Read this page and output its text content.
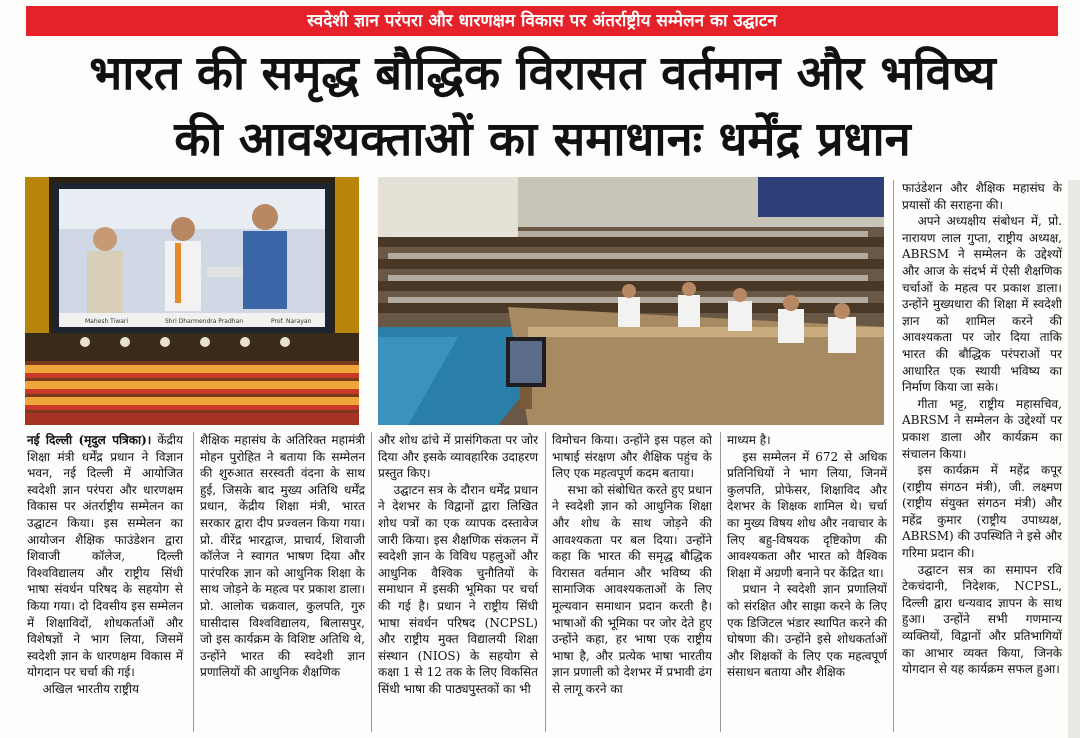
स्वदेशी ज्ञान परंपरा और धारणक्षम विकास पर अंतर्राष्ट्रीय सम्मेलन का उद्घाटन
भारत की समृद्ध बौद्धिक विरासत वर्तमान और भविष्य
की आवश्यक्ताओं का समाधानः धर्मेंद्र प्रधान
Mahesh Tiwari	Shri Dharmendra Pradhan	Prof. Narayan

नई दिल्ली (मृदुल पत्रिका)। केंद्रीय शिक्षा मंत्री धर्मेंद्र प्रधान ने विज्ञान भवन, नई दिल्ली में आयोजित स्वदेशी ज्ञान परंपरा और धारणक्षम विकास पर अंतर्राष्ट्रीय सम्मेलन का उद्घाटन किया। इस सम्मेलन का आयोजन शैक्षिक फाउंडेशन द्वारा शिवाजी कॉलेज, दिल्ली विश्वविद्यालय और राष्ट्रीय सिंधी भाषा संवर्धन परिषद के सहयोग से किया गया। दो दिवसीय इस सम्मेलन में शिक्षाविदों, शोधकर्ताओं और विशेषज्ञों ने भाग लिया, जिसमें स्वदेशी ज्ञान के धारणक्षम विकास में योगदान पर चर्चा की गई।

अखिल भारतीय राष्ट्रीय

शैक्षिक महासंघ के अतिरिक्त महामंत्री मोहन पुरोहित ने बताया कि सम्मेलन की शुरुआत सरस्वती वंदना के साथ हुई, जिसके बाद मुख्य अतिथि धर्मेंद्र प्रधान, केंद्रीय शिक्षा मंत्री, भारत सरकार द्वारा दीप प्रज्वलन किया गया। प्रो. वीरेंद्र भारद्वाज, प्राचार्य, शिवाजी कॉलेज ने स्वागत भाषण दिया और पारंपरिक ज्ञान को आधुनिक शिक्षा के साथ जोड़ने के महत्व पर प्रकाश डाला। प्रो. आलोक चक्रवाल, कुलपति, गुरु घासीदास विश्वविद्यालय, बिलासपुर, जो इस कार्यक्रम के विशिष्ट अतिथि थे, उन्होंने भारत की स्वदेशी ज्ञान प्रणालियों की आधुनिक शैक्षणिक

और शोध ढांचे में प्रासंगिकता पर जोर दिया और इसके व्यावहारिक उदाहरण प्रस्तुत किए।

उद्घाटन सत्र के दौरान धर्मेंद्र प्रधान ने देशभर के विद्वानों द्वारा लिखित शोध पत्रों का एक व्यापक दस्तावेज जारी किया। इस शैक्षणिक संकलन में स्वदेशी ज्ञान के विविध पहलुओं और आधुनिक वैश्विक चुनौतियों के समाधान में इसकी भूमिका पर चर्चा की गई है। प्रधान ने राष्ट्रीय सिंधी भाषा संवर्धन परिषद (NCPSL) और राष्ट्रीय मुक्त विद्यालयी शिक्षा संस्थान (NIOS) के सहयोग से कक्षा 1 से 12 तक के लिए विकसित सिंधी भाषा की पाठ्यपुस्तकों का भी

विमोचन किया। उन्होंने इस पहल को भाषाई संरक्षण और शैक्षिक पहुंच के लिए एक महत्वपूर्ण कदम बताया।

सभा को संबोधित करते हुए प्रधान ने स्वदेशी ज्ञान को आधुनिक शिक्षा और शोध के साथ जोड़ने की आवश्यकता पर बल दिया। उन्होंने कहा कि भारत की समृद्ध बौद्धिक विरासत वर्तमान और भविष्य की सामाजिक आवश्यकताओं के लिए मूल्यवान समाधान प्रदान करती है। भाषाओं की भूमिका पर जोर देते हुए उन्होंने कहा, हर भाषा एक राष्ट्रीय भाषा है, और प्रत्येक भाषा भारतीय ज्ञान प्रणाली को देशभर में प्रभावी ढंग से लागू करने का

माध्यम है।

इस सम्मेलन में 672 से अधिक प्रतिनिधियों ने भाग लिया, जिनमें कुलपति, प्रोफेसर, शिक्षाविद और देशभर के शिक्षक शामिल थे। चर्चा का मुख्य विषय शोध और नवाचार के लिए बहु-विषयक दृष्टिकोण की आवश्यकता और भारत को वैश्विक शिक्षा में अग्रणी बनाने पर केंद्रित था।

प्रधान ने स्वदेशी ज्ञान प्रणालियों को संरक्षित और साझा करने के लिए एक डिजिटल भंडार स्थापित करने की घोषणा की। उन्होंने इसे शोधकर्ताओं और शिक्षकों के लिए एक महत्वपूर्ण संसाधन बताया और शैक्षिक

फाउंडेशन और शैक्षिक महासंघ के प्रयासों की सराहना की।

अपने अध्यक्षीय संबोधन में, प्रो. नारायण लाल गुप्ता, राष्ट्रीय अध्यक्ष, ABRSM ने सम्मेलन के उद्देश्यों और आज के संदर्भ में ऐसी शैक्षणिक चर्चाओं के महत्व पर प्रकाश डाला। उन्होंने मुख्यधारा की शिक्षा में स्वदेशी ज्ञान को शामिल करने की आवश्यकता पर जोर दिया ताकि भारत की बौद्धिक परंपराओं पर आधारित एक स्थायी भविष्य का निर्माण किया जा सके।

गीता भट्ट, राष्ट्रीय महासचिव, ABRSM ने सम्मेलन के उद्देश्यों पर प्रकाश डाला और कार्यक्रम का संचालन किया।

इस कार्यक्रम में महेंद्र कपूर (राष्ट्रीय संगठन मंत्री), जी. लक्ष्मण (राष्ट्रीय संयुक्त संगठन मंत्री) और महेंद्र कुमार (राष्ट्रीय उपाध्यक्ष, ABRSM) की उपस्थिति ने इसे और गरिमा प्रदान की।

उद्घाटन सत्र का समापन रवि टेकचंदानी, निदेशक, NCPSL, दिल्ली द्वारा धन्यवाद ज्ञापन के साथ हुआ। उन्होंने सभी गणमान्य व्यक्तियों, विद्वानों और प्रतिभागियों का आभार व्यक्त किया, जिनके योगदान से यह कार्यक्रम सफल हुआ।
